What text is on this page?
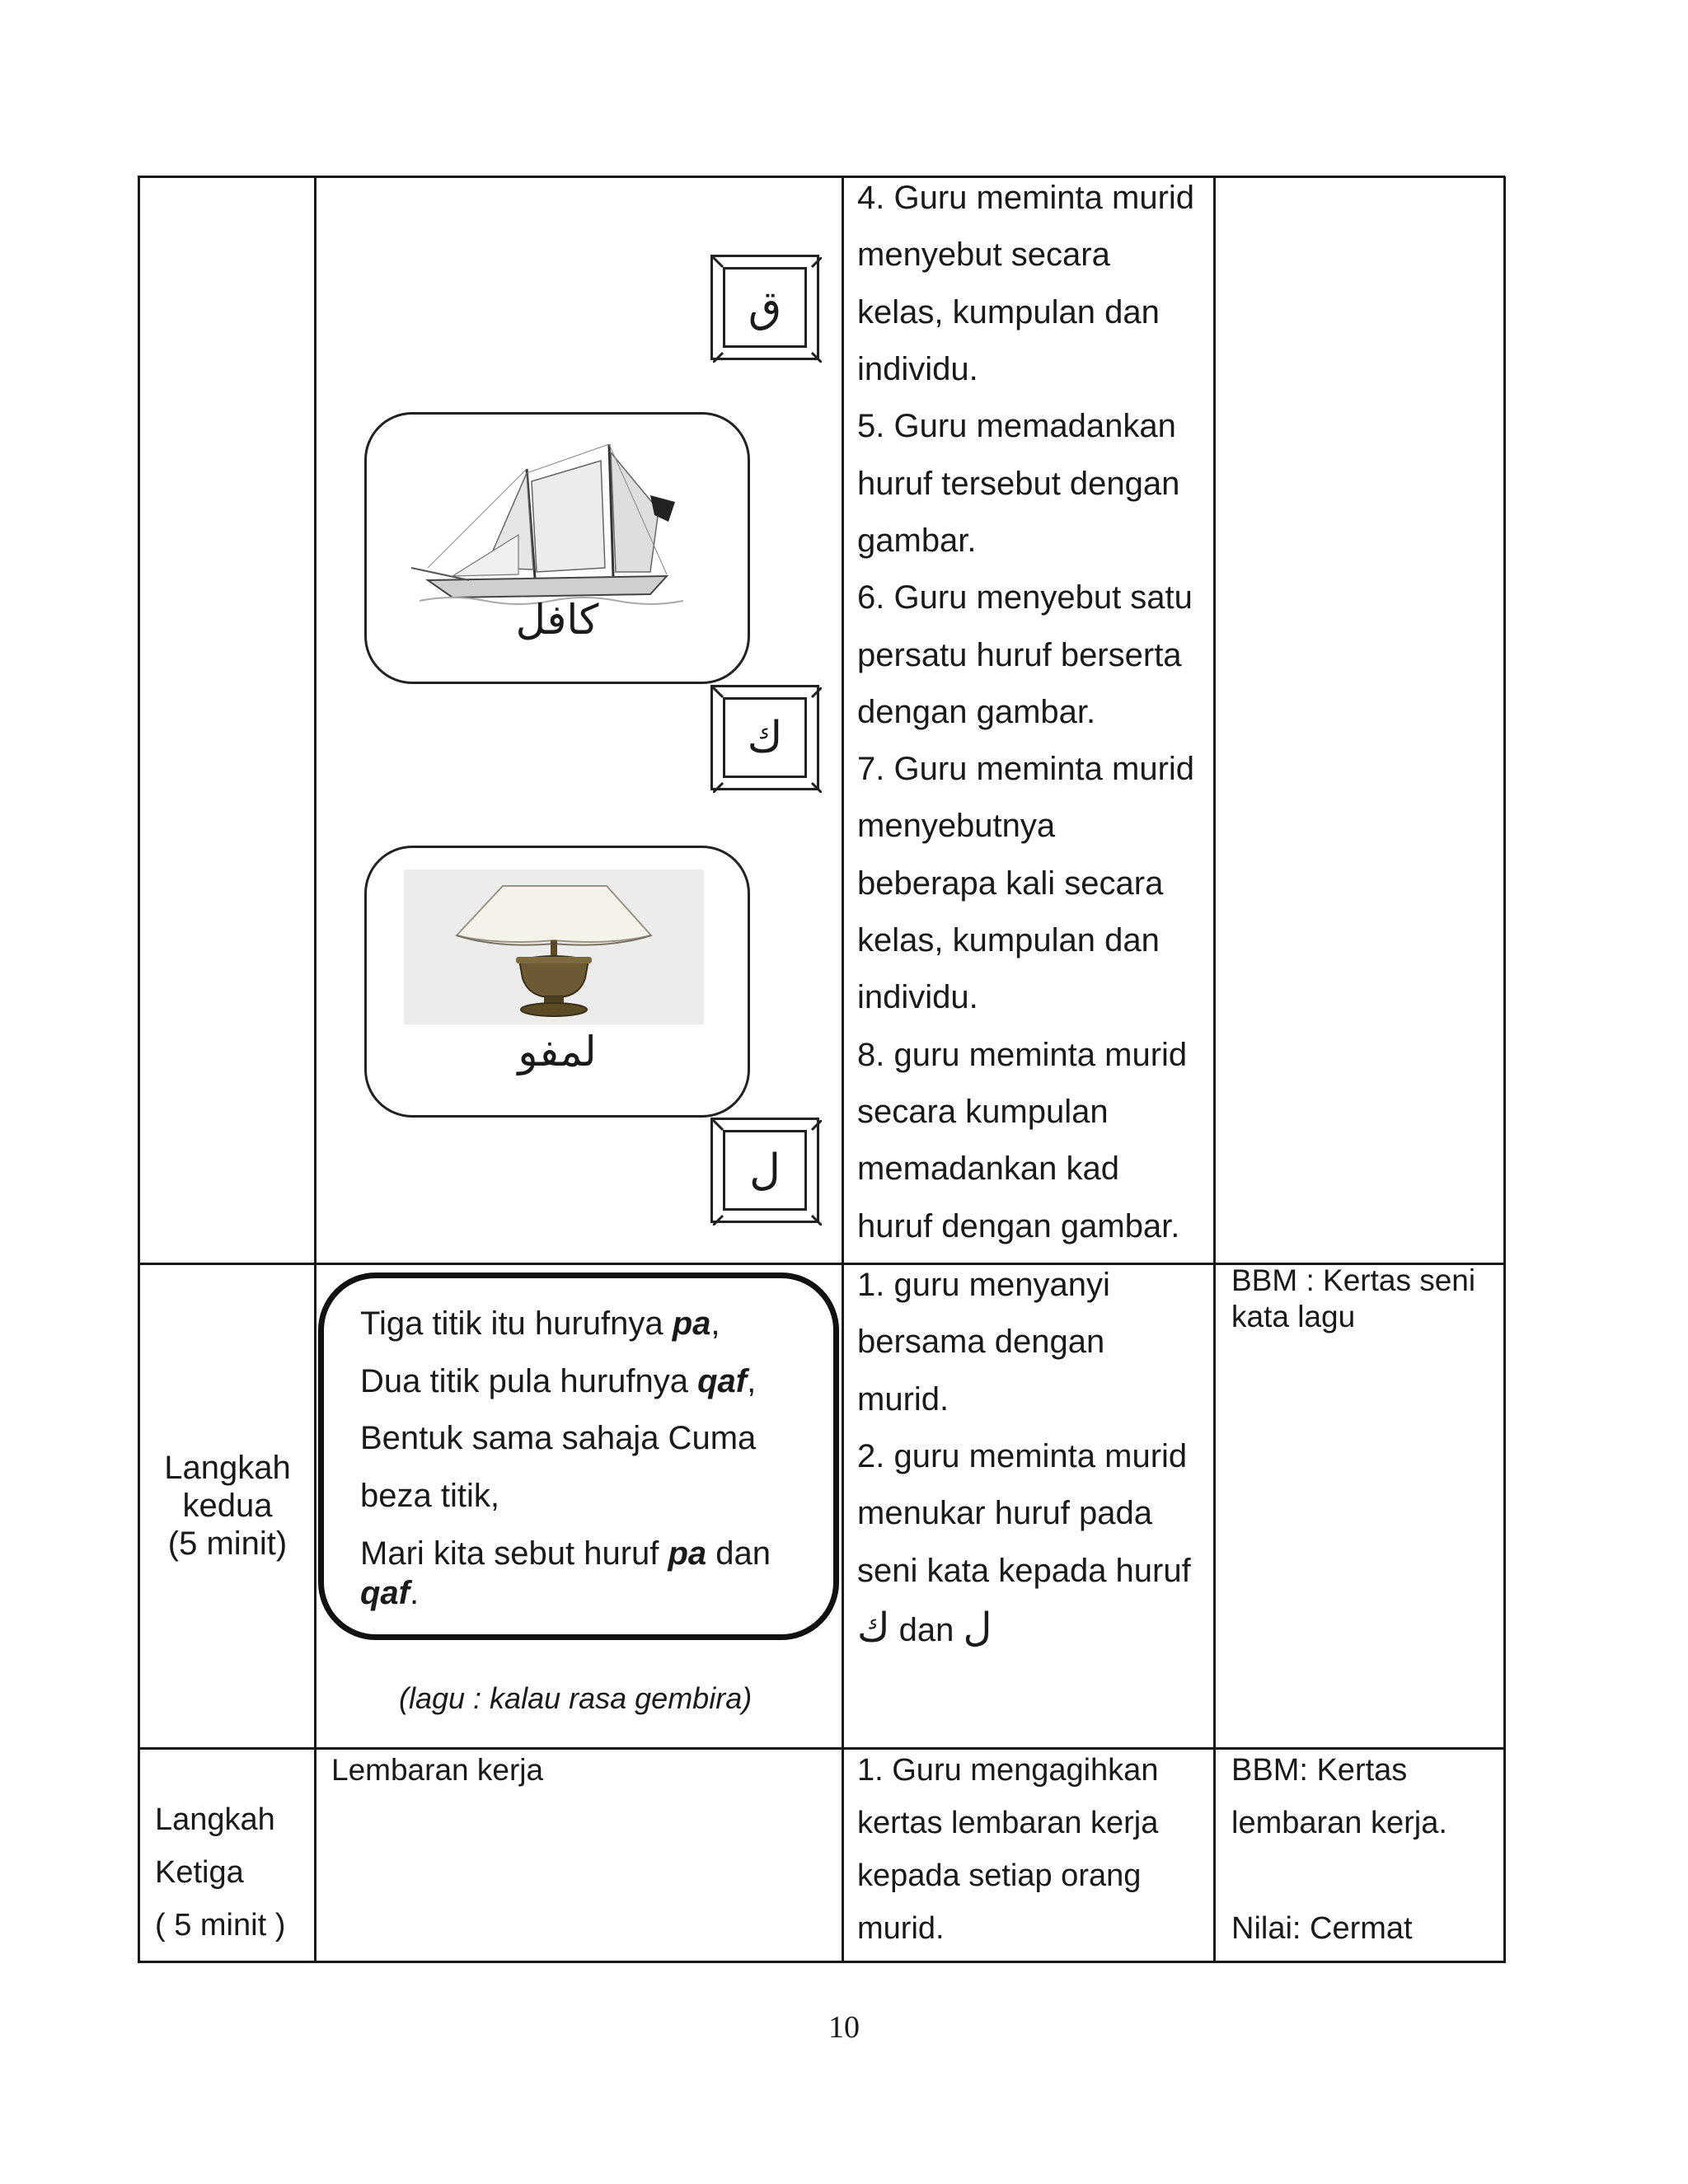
ق
ك
ل
كافل
لمفو
4. Guru meminta murid
menyebut secara
kelas, kumpulan dan
individu.
5. Guru memadankan
huruf tersebut dengan
gambar.
6. Guru menyebut satu
persatu huruf berserta
dengan gambar.
7. Guru meminta murid
menyebutnya
beberapa kali secara
kelas, kumpulan dan
individu.
8. guru meminta murid
secara kumpulan
memadankan kad
huruf dengan gambar.
Langkah
kedua
(5 minit)
Tiga titik itu hurufnya pa,
Dua titik pula hurufnya qaf,
Bentuk sama sahaja Cuma
beza titik,
Mari kita sebut huruf pa dan
qaf.
(lagu : kalau rasa gembira)
1. guru menyanyi
bersama dengan
murid.
2. guru meminta murid
menukar huruf pada
seni kata kepada huruf
ك dan ل
BBM : Kertas seni
kata lagu
Langkah
Ketiga
( 5 minit )
Lembaran kerja	1. Guru mengagihkan
kertas lembaran kerja
kepada setiap orang
murid.
BBM: Kertas
lembaran kerja.
Nilai: Cermat
10
